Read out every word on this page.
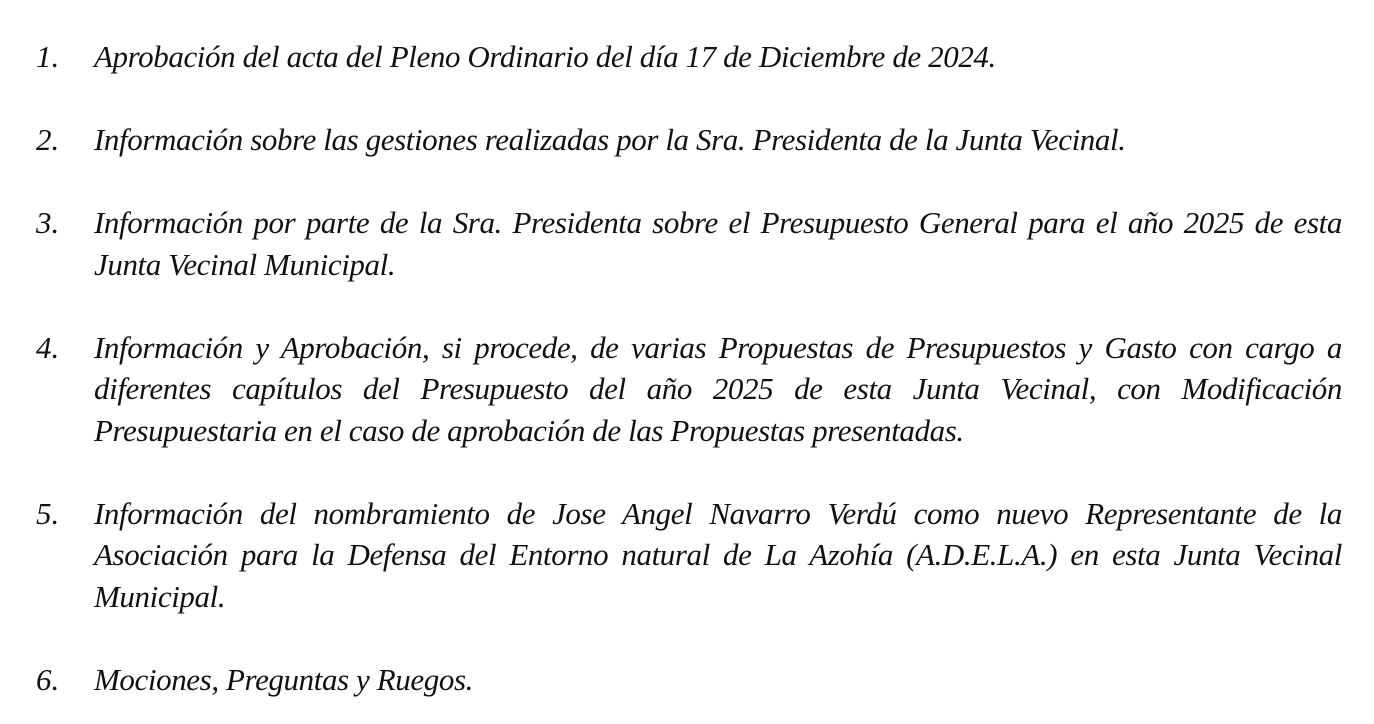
1.	Aprobación del acta del Pleno Ordinario del día 17 de Diciembre de 2024.
2.	Información sobre las gestiones realizadas por la Sra. Presidenta de la Junta Vecinal.
3.	Información por parte de la Sra. Presidenta sobre el Presupuesto General para el año 2025 de esta Junta Vecinal Municipal.
4.	Información y Aprobación, si procede, de varias Propuestas de Presupuestos y Gasto con cargo a diferentes capítulos del Presupuesto del año 2025 de esta Junta Vecinal, con Modificación Presupuestaria en el caso de aprobación de las Propuestas presentadas.
5.	Información del nombramiento de Jose Angel Navarro Verdú como nuevo Representante de la Asociación para la Defensa del Entorno natural de La Azohía (A.D.E.L.A.) en esta Junta Vecinal Municipal.
6.	Mociones, Preguntas y Ruegos.
